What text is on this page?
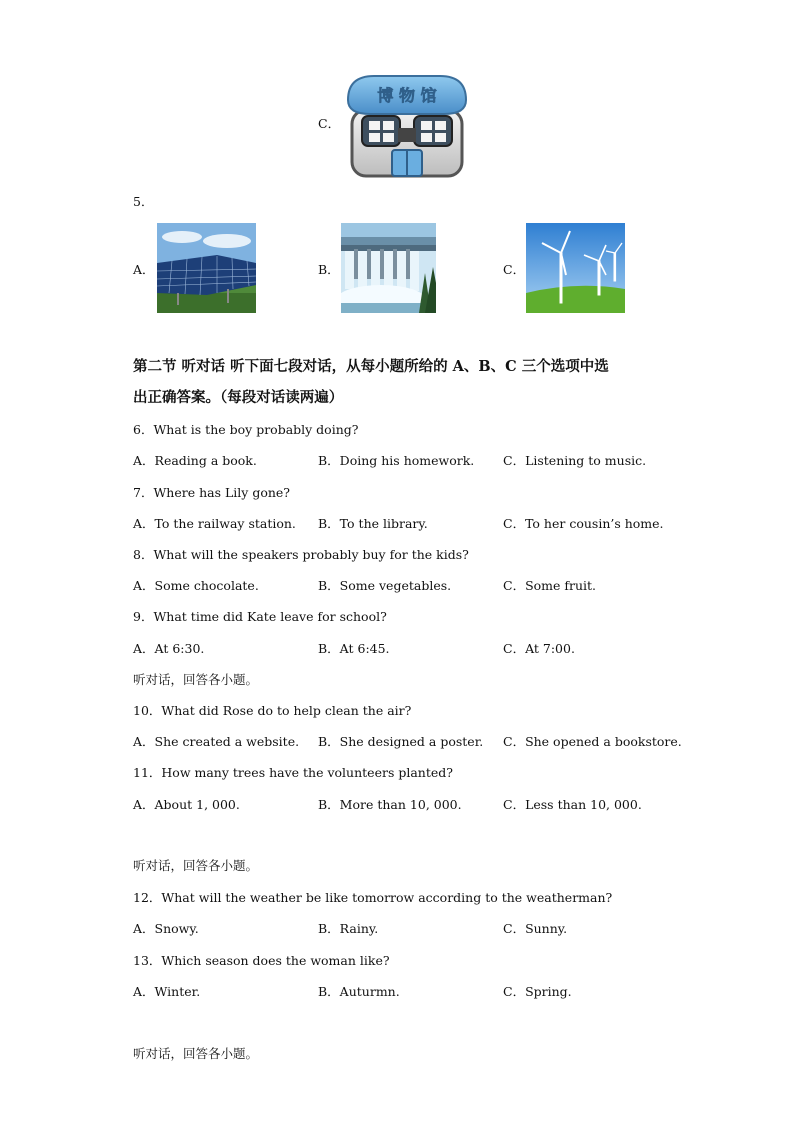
C．
博 物 馆
5．
A．	B．	C．
第二节 听对话 听下面七段对话，从每小题所给的 A、B、C 三个选项中选
出正确答案。（每段对话读两遍）
6．What is the boy probably doing?
A．Reading a book.	B．Doing his homework. C．Listening to music.
7．Where has Lily gone?
A．To the railway station. B．To the library.	C．To her cousin’s home.
8．What will the speakers probably buy for the kids?
A．Some chocolate.	B．Some vegetables.	C．Some fruit.
9．What time did Kate leave for school?
A．At 6:30.	B．At 6:45.	C．At 7:00.
听对话，回答各小题。
10．What did Rose do to help clean the air?
A．She created a website. B．She designed a poster. C．She opened a bookstore.
11．How many trees have the volunteers planted?
A．About 1, 000.	B．More than 10, 000.	C．Less than 10, 000.
听对话，回答各小题。
12．What will the weather be like tomorrow according to the weatherman?
A．Snowy.	B．Rainy.	C．Sunny.
13．Which season does the woman like?
A．Winter.	B．Auturmn.	C．Spring.
听对话，回答各小题。
